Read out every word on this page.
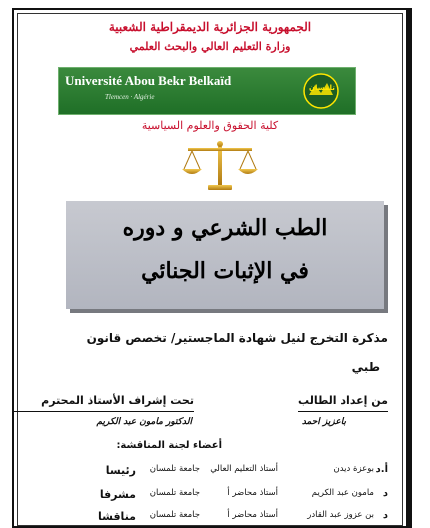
الجمهورية الجزائرية الديمقراطية الشعبية
وزارة التعليم العالي والبحث العلمي
Université Abou Bekr Belkaïd
Tlemcen · Algérie
تلمسان
كلية الحقوق والعلوم السياسية
الطب الشرعي و دوره
في الإثبات الجنائي
مذكرة التخرج لنيل شهادة الماجستير/ تخصص قانون
طبي
من إعداد الطالب
تحت إشراف الأستاذ المحترم
باعزيز احمد
الدكتور مامون عبد الكريم
أعضاء لجنة المناقشة:
أ.د
بوعزة ديدن
أستاذ التعليم العالي
جامعة تلمسان
رئيسا
د
مامون عبد الكريم
أستاذ محاضر أ
جامعة تلمسان
مشرفا
د
بن عزوز عبد القادر
أستاذ محاضر أ
جامعة تلمسان
مناقشا
